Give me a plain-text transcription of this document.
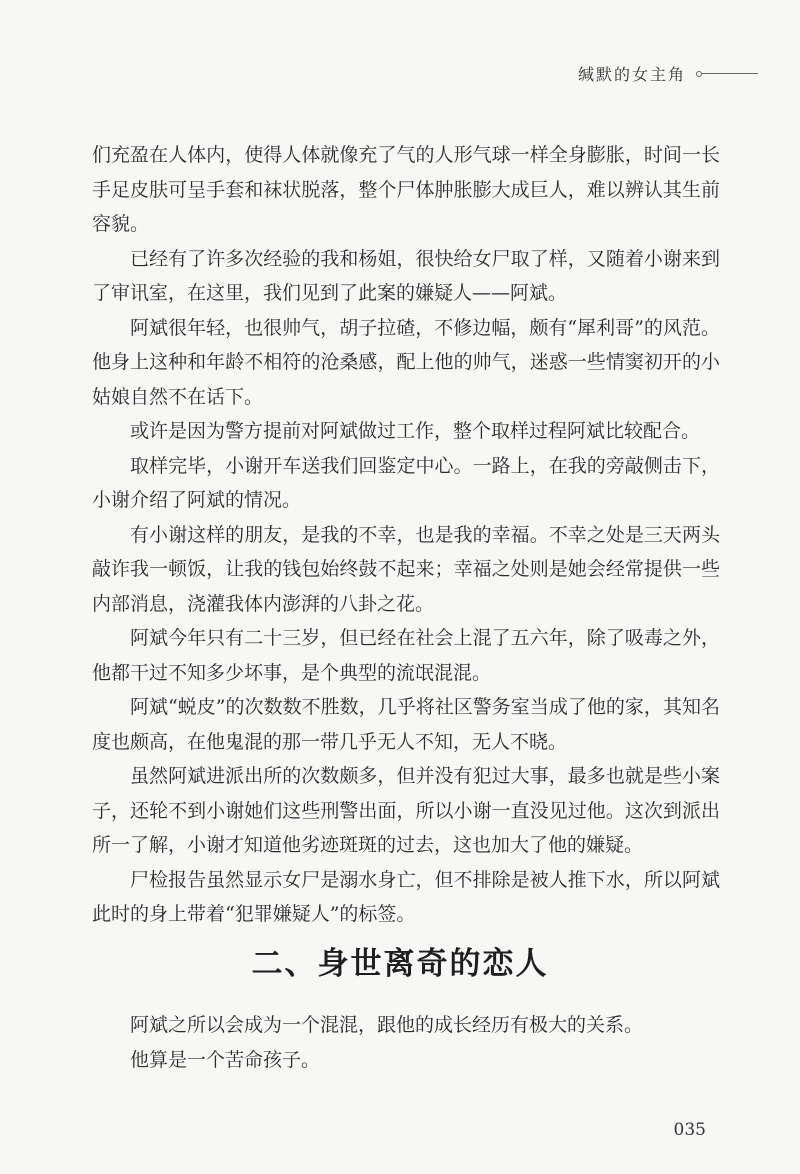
缄默的女主角

们充盈在人体内，使得人体就像充了气的人形气球一样全身膨胀，时间一长手足皮肤可呈手套和袜状脱落，整个尸体肿胀膨大成巨人，难以辨认其生前容貌。

已经有了许多次经验的我和杨姐，很快给女尸取了样，又随着小谢来到了审讯室，在这里，我们见到了此案的嫌疑人——阿斌。

阿斌很年轻，也很帅气，胡子拉碴，不修边幅，颇有“犀利哥”的风范。他身上这种和年龄不相符的沧桑感，配上他的帅气，迷惑一些情窦初开的小姑娘自然不在话下。

或许是因为警方提前对阿斌做过工作，整个取样过程阿斌比较配合。

取样完毕，小谢开车送我们回鉴定中心。一路上，在我的旁敲侧击下，小谢介绍了阿斌的情况。

有小谢这样的朋友，是我的不幸，也是我的幸福。不幸之处是三天两头敲诈我一顿饭，让我的钱包始终鼓不起来；幸福之处则是她会经常提供一些内部消息，浇灌我体内澎湃的八卦之花。

阿斌今年只有二十三岁，但已经在社会上混了五六年，除了吸毒之外，他都干过不知多少坏事，是个典型的流氓混混。

阿斌“蜕皮”的次数数不胜数，几乎将社区警务室当成了他的家，其知名度也颇高，在他鬼混的那一带几乎无人不知，无人不晓。

虽然阿斌进派出所的次数颇多，但并没有犯过大事，最多也就是些小案子，还轮不到小谢她们这些刑警出面，所以小谢一直没见过他。这次到派出所一了解，小谢才知道他劣迹斑斑的过去，这也加大了他的嫌疑。

尸检报告虽然显示女尸是溺水身亡，但不排除是被人推下水，所以阿斌此时的身上带着“犯罪嫌疑人”的标签。

二、身世离奇的恋人

阿斌之所以会成为一个混混，跟他的成长经历有极大的关系。

他算是一个苦命孩子。

035
